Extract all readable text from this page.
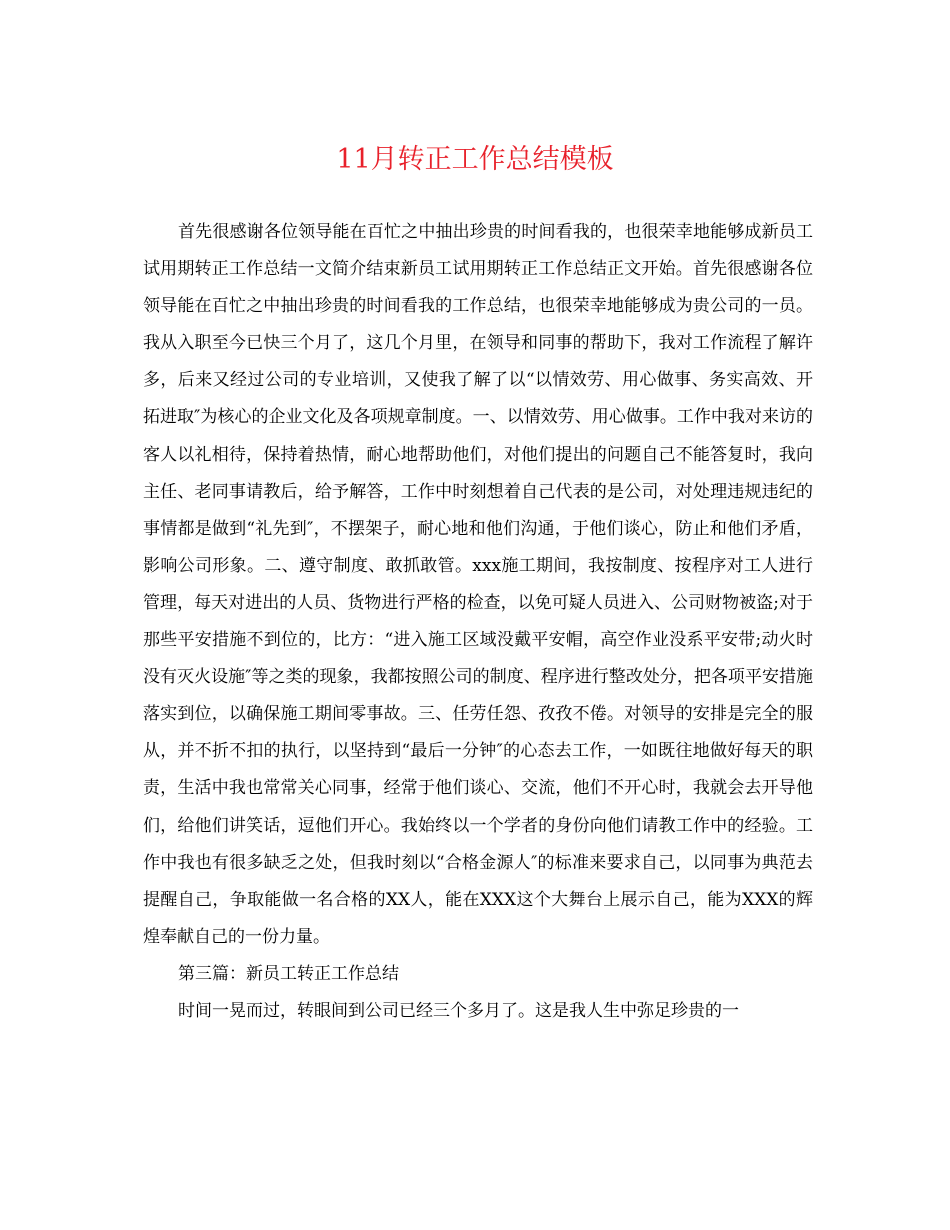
11月转正工作总结模板

首先很感谢各位领导能在百忙之中抽出珍贵的时间看我的，也很荣幸地能够成新员工试用期转正工作总结一文简介结束新员工试用期转正工作总结正文开始。首先很感谢各位领导能在百忙之中抽出珍贵的时间看我的工作总结，也很荣幸地能够成为贵公司的一员。我从入职至今已快三个月了，这几个月里，在领导和同事的帮助下，我对工作流程了解许多，后来又经过公司的专业培训，又使我了解了以“以情效劳、用心做事、务实高效、开拓进取″为核心的企业文化及各项规章制度。一、以情效劳、用心做事。工作中我对来访的客人以礼相待，保持着热情，耐心地帮助他们，对他们提出的问题自己不能答复时，我向主任、老同事请教后，给予解答，工作中时刻想着自己代表的是公司，对处理违规违纪的事情都是做到“礼先到″，不摆架子，耐心地和他们沟通，于他们谈心，防止和他们矛盾，影响公司形象。二、遵守制度、敢抓敢管。xxx施工期间，我按制度、按程序对工人进行管理，每天对进出的人员、货物进行严格的检查，以免可疑人员进入、公司财物被盗;对于那些平安措施不到位的，比方：“进入施工区域没戴平安帽，高空作业没系平安带;动火时没有灭火设施″等之类的现象，我都按照公司的制度、程序进行整改处分，把各项平安措施落实到位，以确保施工期间零事故。三、任劳任怨、孜孜不倦。对领导的安排是完全的服从，并不折不扣的执行，以坚持到“最后一分钟″的心态去工作，一如既往地做好每天的职责，生活中我也常常关心同事，经常于他们谈心、交流，他们不开心时，我就会去开导他们，给他们讲笑话，逗他们开心。我始终以一个学者的身份向他们请教工作中的经验。工作中我也有很多缺乏之处，但我时刻以“合格金源人″的标准来要求自己，以同事为典范去提醒自己，争取能做一名合格的XX人，能在XXX这个大舞台上展示自己，能为XXX的辉煌奉献自己的一份力量。

第三篇：新员工转正工作总结

时间一晃而过，转眼间到公司已经三个多月了。这是我人生中弥足珍贵的一
